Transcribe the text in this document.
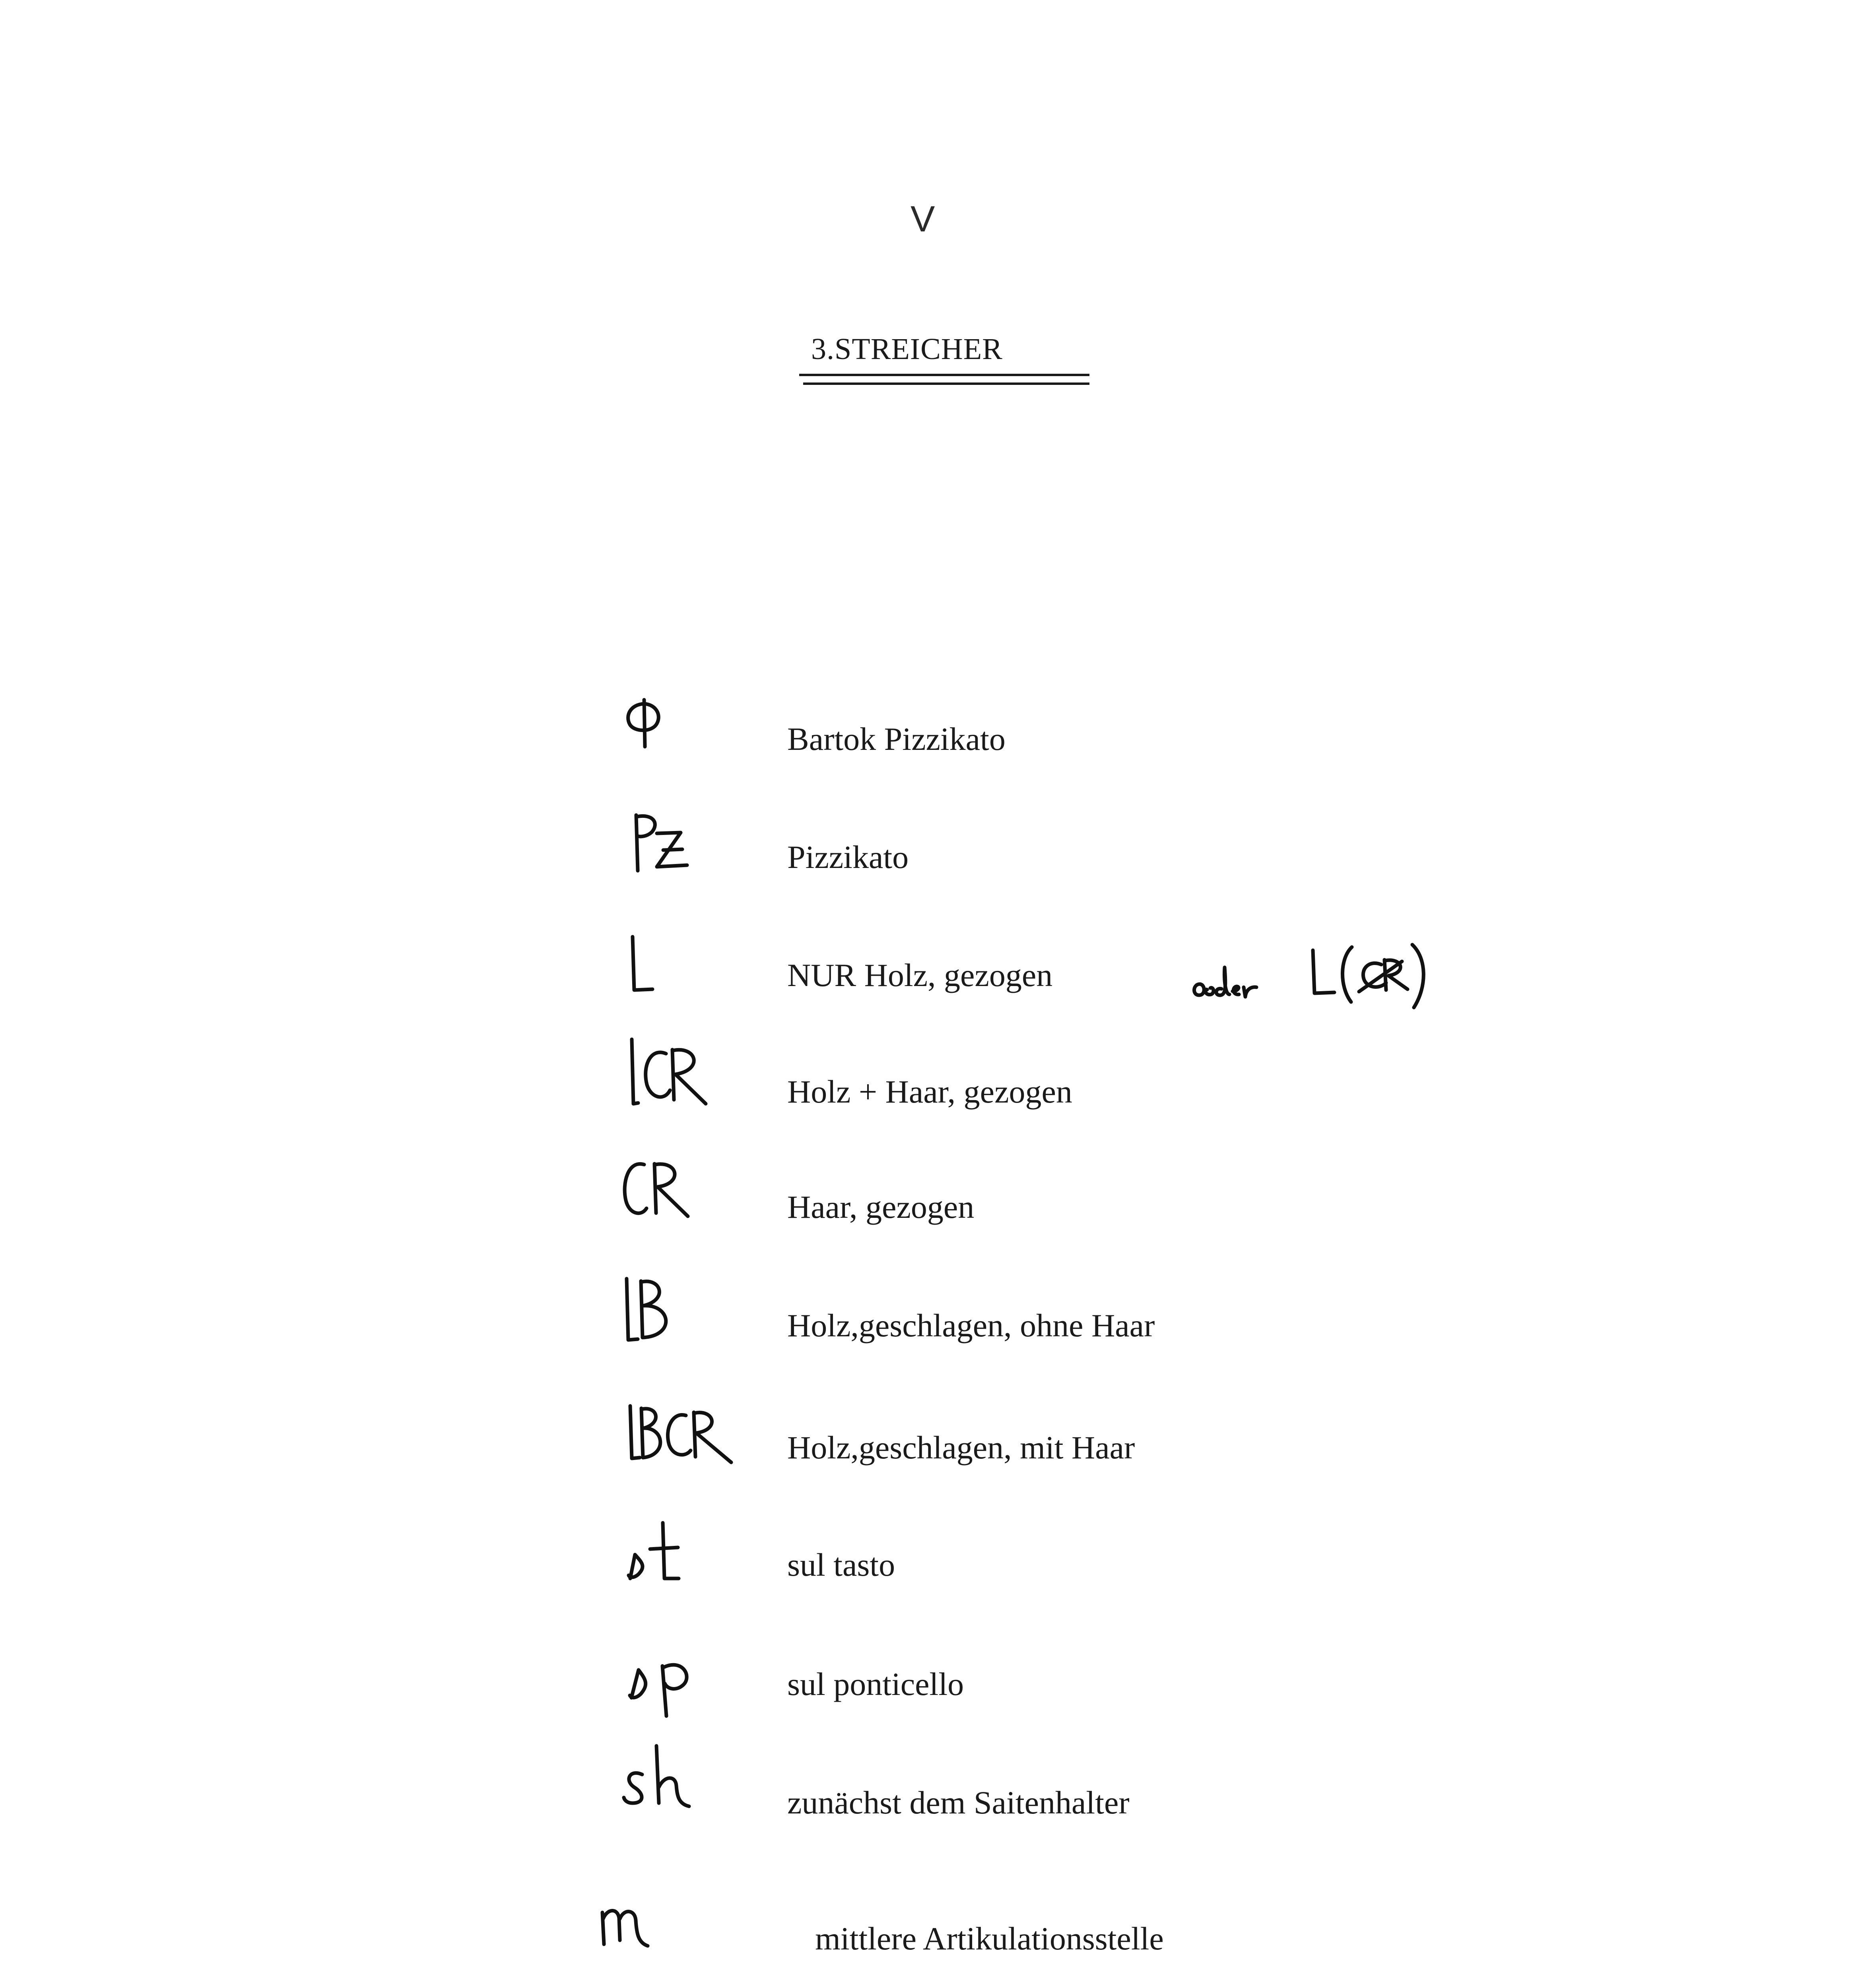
V
3.STREICHER
Bartok Pizzikato
Pizzikato
NUR Holz, gezogen
Holz + Haar, gezogen
Haar, gezogen
Holz,geschlagen, ohne Haar
Holz,geschlagen, mit Haar
sul tasto
sul ponticello
zunächst dem Saitenhalter
mittlere Artikulationsstelle
